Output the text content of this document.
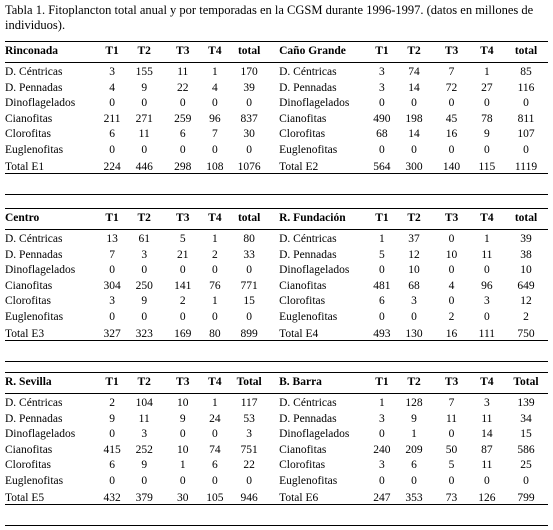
Tabla 1. Fitoplancton total anual y por temporadas en la CGSM durante 1996-1997. (datos en millones de individuos).
Rinconada	T1	T2	T3	T4	total		Caño Grande	T1	T2	T3	T4	total
D. Céntricas	3	155	11	1	170		D. Céntricas	3	74	7	1	85
D. Pennadas	4	9	22	4	39		D. Pennadas	3	14	72	27	116
Dinoflagelados	0	0	0	0	0		Dinoflagelados	0	0	0	0	0
Cianofitas	211	271	259	96	837		Cianofitas	490	198	45	78	811
Clorofitas	6	11	6	7	30		Clorofitas	68	14	16	9	107
Euglenofitas	0	0	0	0	0		Euglenofitas	0	0	0	0	0
Total E1	224	446	298	108	1076		Total E2	564	300	140	115	1119
Centro	T1	T2	T3	T4	total		R. Fundación	T1	T2	T3	T4	total
D. Céntricas	13	61	5	1	80		D. Céntricas	1	37	0	1	39
D. Pennadas	7	3	21	2	33		D. Pennadas	5	12	10	11	38
Dinoflagelados	0	0	0	0	0		Dinoflagelados	0	10	0	0	10
Cianofitas	304	250	141	76	771		Cianofitas	481	68	4	96	649
Clorofitas	3	9	2	1	15		Clorofitas	6	3	0	3	12
Euglenofitas	0	0	0	0	0		Euglenofitas	0	0	2	0	2
Total E3	327	323	169	80	899		Total E4	493	130	16	111	750
R. Sevilla	T1	T2	T3	T4	Total		B. Barra	T1	T2	T3	T4	Total
D. Céntricas	2	104	10	1	117		D. Céntricas	1	128	7	3	139
D. Pennadas	9	11	9	24	53		D. Pennadas	3	9	11	11	34
Dinoflagelados	0	3	0	0	3		Dinoflagelados	0	1	0	14	15
Cianofitas	415	252	10	74	751		Cianofitas	240	209	50	87	586
Clorofitas	6	9	1	6	22		Clorofitas	3	6	5	11	25
Euglenofitas	0	0	0	0	0		Euglenofitas	0	0	0	0	0
Total E5	432	379	30	105	946		Total E6	247	353	73	126	799
